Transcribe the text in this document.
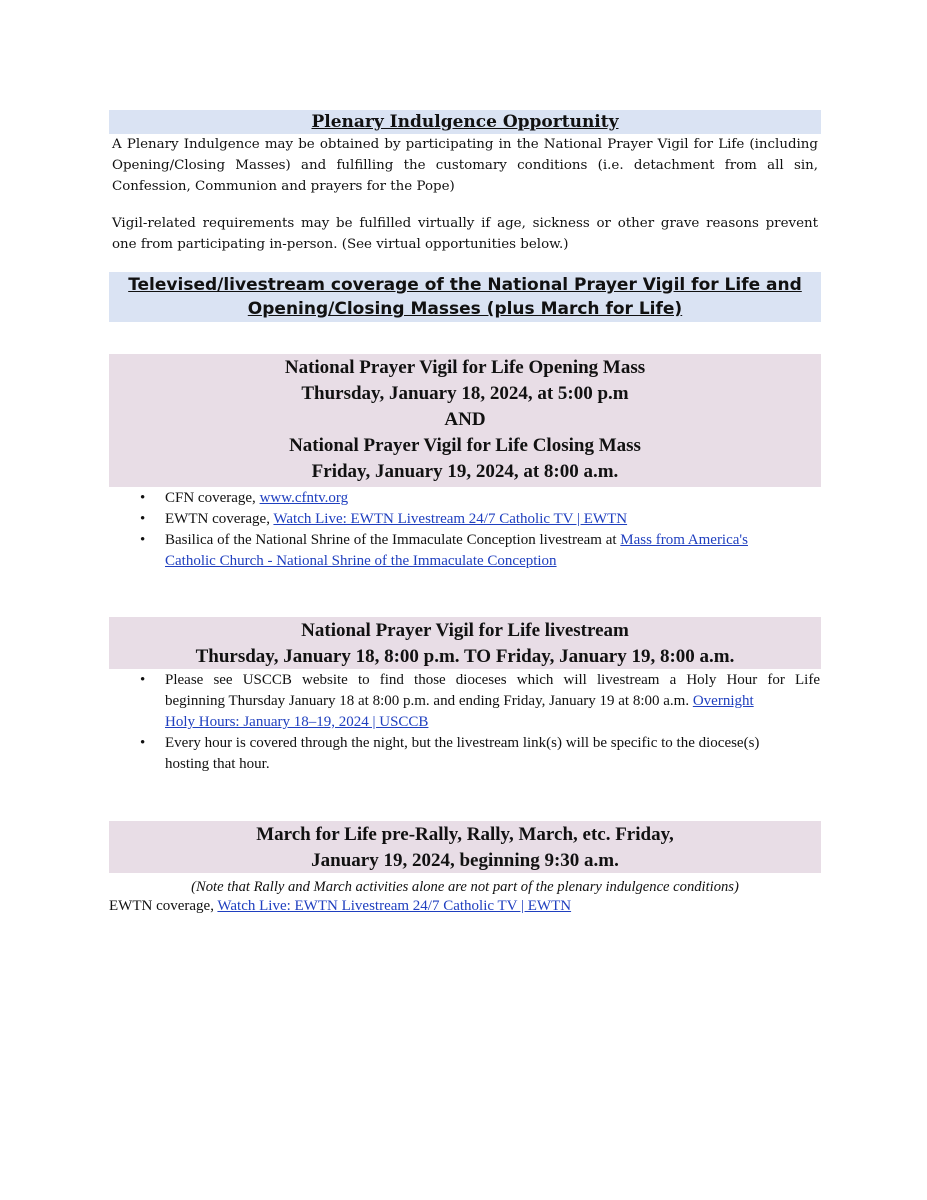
Plenary Indulgence Opportunity
A Plenary Indulgence may be obtained by participating in the National Prayer Vigil for Life (including
Opening/Closing Masses) and fulfilling the customary conditions (i.e. detachment from all sin,
Confession, Communion and prayers for the Pope)
Vigil-related requirements may be fulfilled virtually if age, sickness or other grave reasons prevent
one from participating in-person. (See virtual opportunities below.)
Televised/livestream coverage of the National Prayer Vigil for Life and
Opening/Closing Masses (plus March for Life)
National Prayer Vigil for Life Opening Mass
Thursday, January 18, 2024, at 5:00 p.m
AND
National Prayer Vigil for Life Closing Mass
Friday, January 19, 2024, at 8:00 a.m.
• CFN coverage, www.cfntv.org
• EWTN coverage, Watch Live: EWTN Livestream 24/7 Catholic TV | EWTN
• Basilica of the National Shrine of the Immaculate Conception livestream at Mass from America's
Catholic Church - National Shrine of the Immaculate Conception
National Prayer Vigil for Life livestream
Thursday, January 18, 8:00 p.m. TO Friday, January 19, 8:00 a.m.
• Please see USCCB website to find those dioceses which will livestream a Holy Hour for Life
beginning Thursday January 18 at 8:00 p.m. and ending Friday, January 19 at 8:00 a.m. Overnight
Holy Hours: January 18–19, 2024 | USCCB
• Every hour is covered through the night, but the livestream link(s) will be specific to the diocese(s)
hosting that hour.
March for Life pre-Rally, Rally, March, etc. Friday,
January 19, 2024, beginning 9:30 a.m.
(Note that Rally and March activities alone are not part of the plenary indulgence conditions)
EWTN coverage, Watch Live: EWTN Livestream 24/7 Catholic TV | EWTN
